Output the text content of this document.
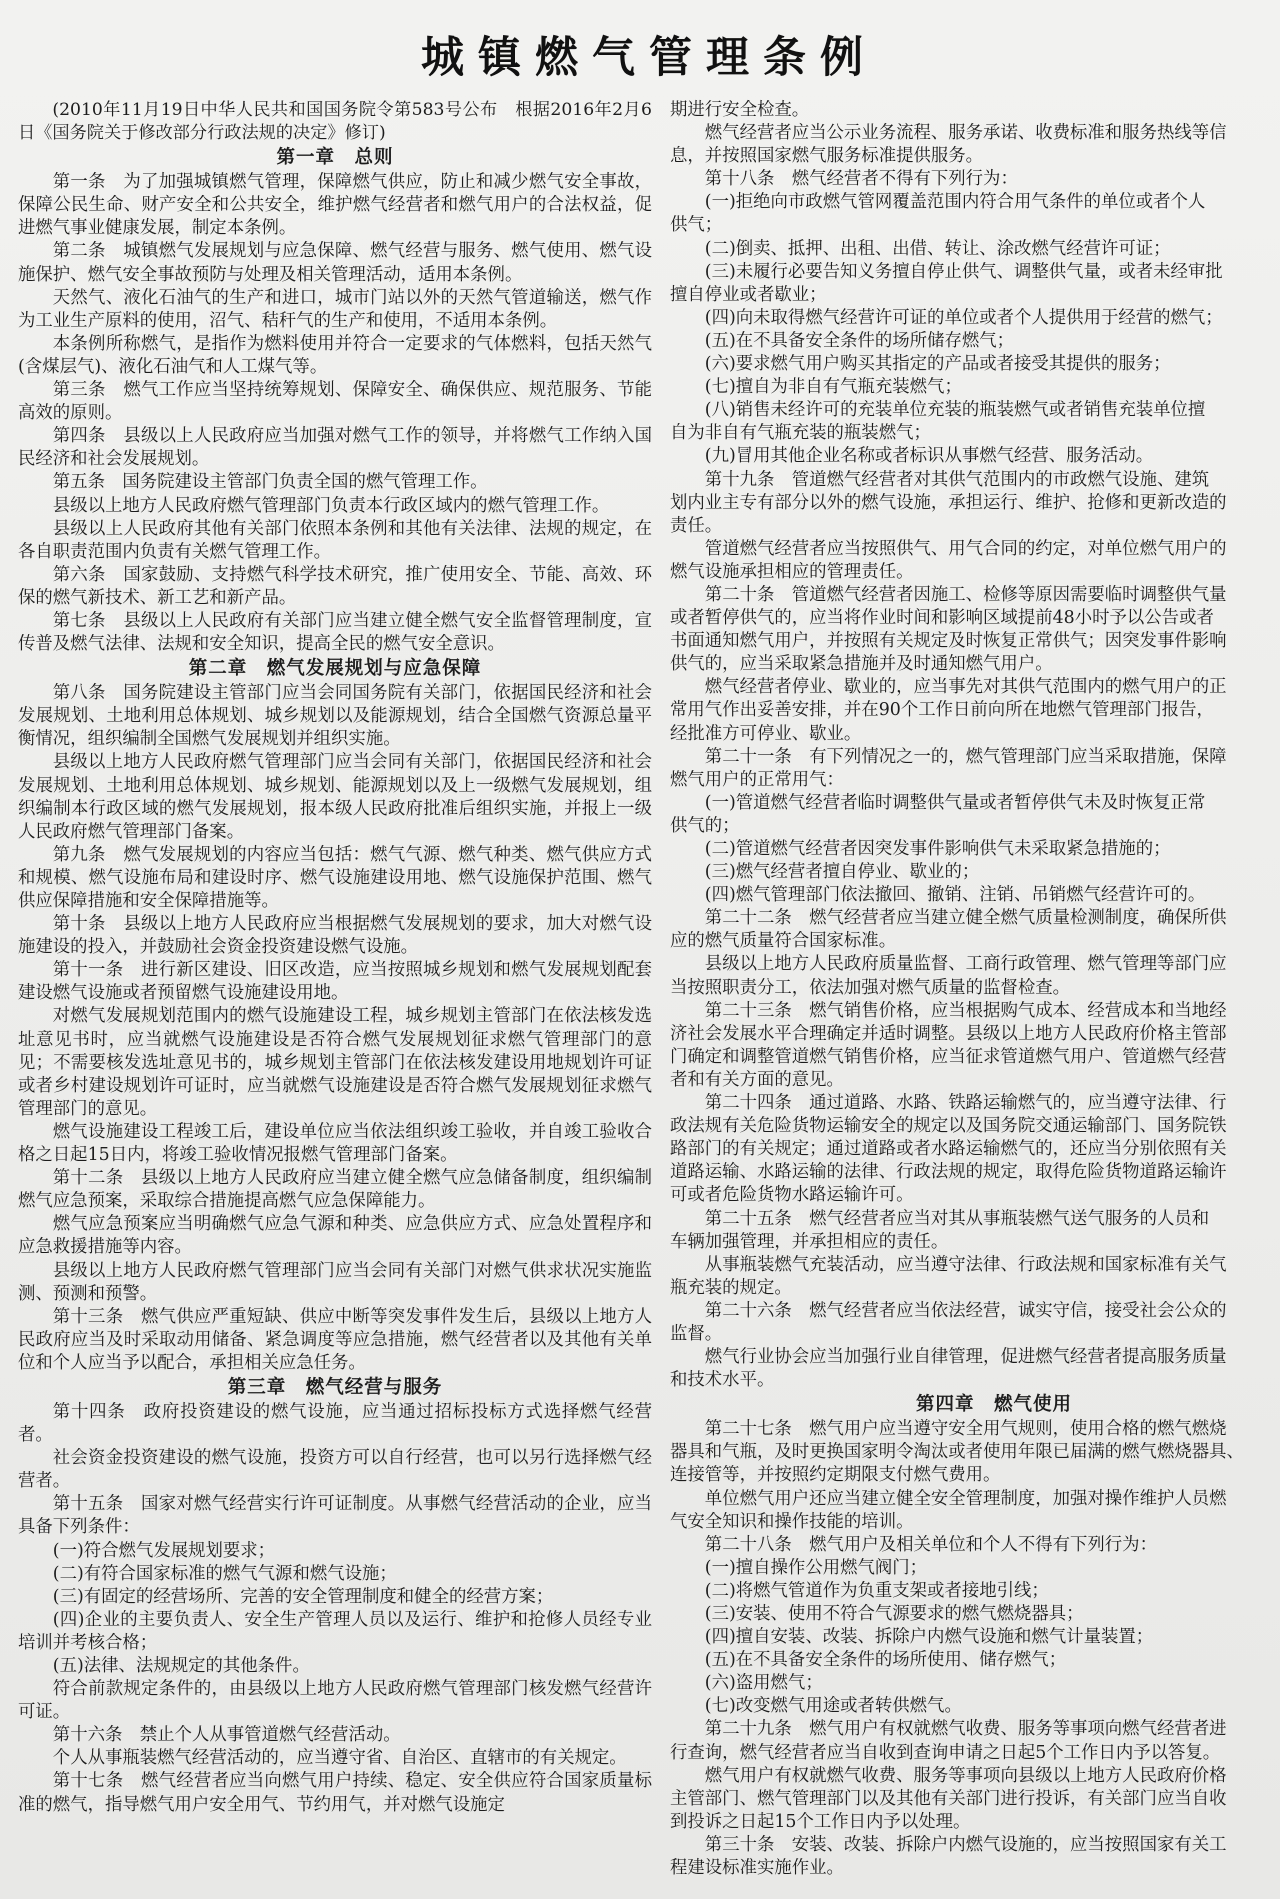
城镇燃气管理条例

(2010年11月19日中华人民共和国国务院令第583号公布　根据2016年2月6日《国务院关于修改部分行政法规的决定》修订)

第一章　总则

第一条　为了加强城镇燃气管理，保障燃气供应，防止和减少燃气安全事故，保障公民生命、财产安全和公共安全，维护燃气经营者和燃气用户的合法权益，促进燃气事业健康发展，制定本条例。

第二条　城镇燃气发展规划与应急保障、燃气经营与服务、燃气使用、燃气设施保护、燃气安全事故预防与处理及相关管理活动，适用本条例。

天然气、液化石油气的生产和进口，城市门站以外的天然气管道输送，燃气作为工业生产原料的使用，沼气、秸秆气的生产和使用，不适用本条例。

本条例所称燃气，是指作为燃料使用并符合一定要求的气体燃料，包括天然气(含煤层气)、液化石油气和人工煤气等。

第三条　燃气工作应当坚持统筹规划、保障安全、确保供应、规范服务、节能高效的原则。

第四条　县级以上人民政府应当加强对燃气工作的领导，并将燃气工作纳入国民经济和社会发展规划。

第五条　国务院建设主管部门负责全国的燃气管理工作。

县级以上地方人民政府燃气管理部门负责本行政区域内的燃气管理工作。

县级以上人民政府其他有关部门依照本条例和其他有关法律、法规的规定，在各自职责范围内负责有关燃气管理工作。

第六条　国家鼓励、支持燃气科学技术研究，推广使用安全、节能、高效、环保的燃气新技术、新工艺和新产品。

第七条　县级以上人民政府有关部门应当建立健全燃气安全监督管理制度，宣传普及燃气法律、法规和安全知识，提高全民的燃气安全意识。

第二章　燃气发展规划与应急保障

第八条　国务院建设主管部门应当会同国务院有关部门，依据国民经济和社会发展规划、土地利用总体规划、城乡规划以及能源规划，结合全国燃气资源总量平衡情况，组织编制全国燃气发展规划并组织实施。

县级以上地方人民政府燃气管理部门应当会同有关部门，依据国民经济和社会发展规划、土地利用总体规划、城乡规划、能源规划以及上一级燃气发展规划，组织编制本行政区域的燃气发展规划，报本级人民政府批准后组织实施，并报上一级人民政府燃气管理部门备案。

第九条　燃气发展规划的内容应当包括：燃气气源、燃气种类、燃气供应方式和规模、燃气设施布局和建设时序、燃气设施建设用地、燃气设施保护范围、燃气供应保障措施和安全保障措施等。

第十条　县级以上地方人民政府应当根据燃气发展规划的要求，加大对燃气设施建设的投入，并鼓励社会资金投资建设燃气设施。

第十一条　进行新区建设、旧区改造，应当按照城乡规划和燃气发展规划配套建设燃气设施或者预留燃气设施建设用地。

对燃气发展规划范围内的燃气设施建设工程，城乡规划主管部门在依法核发选址意见书时，应当就燃气设施建设是否符合燃气发展规划征求燃气管理部门的意见；不需要核发选址意见书的，城乡规划主管部门在依法核发建设用地规划许可证或者乡村建设规划许可证时，应当就燃气设施建设是否符合燃气发展规划征求燃气管理部门的意见。

燃气设施建设工程竣工后，建设单位应当依法组织竣工验收，并自竣工验收合格之日起15日内，将竣工验收情况报燃气管理部门备案。

第十二条　县级以上地方人民政府应当建立健全燃气应急储备制度，组织编制燃气应急预案，采取综合措施提高燃气应急保障能力。

燃气应急预案应当明确燃气应急气源和种类、应急供应方式、应急处置程序和应急救援措施等内容。

县级以上地方人民政府燃气管理部门应当会同有关部门对燃气供求状况实施监测、预测和预警。

第十三条　燃气供应严重短缺、供应中断等突发事件发生后，县级以上地方人民政府应当及时采取动用储备、紧急调度等应急措施，燃气经营者以及其他有关单位和个人应当予以配合，承担相关应急任务。

第三章　燃气经营与服务

第十四条　政府投资建设的燃气设施，应当通过招标投标方式选择燃气经营者。

社会资金投资建设的燃气设施，投资方可以自行经营，也可以另行选择燃气经营者。

第十五条　国家对燃气经营实行许可证制度。从事燃气经营活动的企业，应当具备下列条件：

(一)符合燃气发展规划要求；

(二)有符合国家标准的燃气气源和燃气设施；

(三)有固定的经营场所、完善的安全管理制度和健全的经营方案；

(四)企业的主要负责人、安全生产管理人员以及运行、维护和抢修人员经专业培训并考核合格；

(五)法律、法规规定的其他条件。

符合前款规定条件的，由县级以上地方人民政府燃气管理部门核发燃气经营许可证。

第十六条　禁止个人从事管道燃气经营活动。

个人从事瓶装燃气经营活动的，应当遵守省、自治区、直辖市的有关规定。

第十七条　燃气经营者应当向燃气用户持续、稳定、安全供应符合国家质量标准的燃气，指导燃气用户安全用气、节约用气，并对燃气设施定

期进行安全检查。

燃气经营者应当公示业务流程、服务承诺、收费标准和服务热线等信

息，并按照国家燃气服务标准提供服务。

第十八条　燃气经营者不得有下列行为：

(一)拒绝向市政燃气管网覆盖范围内符合用气条件的单位或者个人

供气；

(二)倒卖、抵押、出租、出借、转让、涂改燃气经营许可证；

(三)未履行必要告知义务擅自停止供气、调整供气量，或者未经审批

擅自停业或者歇业；

(四)向未取得燃气经营许可证的单位或者个人提供用于经营的燃气；

(五)在不具备安全条件的场所储存燃气；

(六)要求燃气用户购买其指定的产品或者接受其提供的服务；

(七)擅自为非自有气瓶充装燃气；

(八)销售未经许可的充装单位充装的瓶装燃气或者销售充装单位擅

自为非自有气瓶充装的瓶装燃气；

(九)冒用其他企业名称或者标识从事燃气经营、服务活动。

第十九条　管道燃气经营者对其供气范围内的市政燃气设施、建筑

划内业主专有部分以外的燃气设施，承担运行、维护、抢修和更新改造的

责任。

管道燃气经营者应当按照供气、用气合同的约定，对单位燃气用户的

燃气设施承担相应的管理责任。

第二十条　管道燃气经营者因施工、检修等原因需要临时调整供气量

或者暂停供气的，应当将作业时间和影响区域提前48小时予以公告或者

书面通知燃气用户，并按照有关规定及时恢复正常供气；因突发事件影响

供气的，应当采取紧急措施并及时通知燃气用户。

燃气经营者停业、歇业的，应当事先对其供气范围内的燃气用户的正

常用气作出妥善安排，并在90个工作日前向所在地燃气管理部门报告，

经批准方可停业、歇业。

第二十一条　有下列情况之一的，燃气管理部门应当采取措施，保障

燃气用户的正常用气：

(一)管道燃气经营者临时调整供气量或者暂停供气未及时恢复正常

供气的；

(二)管道燃气经营者因突发事件影响供气未采取紧急措施的；

(三)燃气经营者擅自停业、歇业的；

(四)燃气管理部门依法撤回、撤销、注销、吊销燃气经营许可的。

第二十二条　燃气经营者应当建立健全燃气质量检测制度，确保所供

应的燃气质量符合国家标准。

县级以上地方人民政府质量监督、工商行政管理、燃气管理等部门应

当按照职责分工，依法加强对燃气质量的监督检查。

第二十三条　燃气销售价格，应当根据购气成本、经营成本和当地经

济社会发展水平合理确定并适时调整。县级以上地方人民政府价格主管部

门确定和调整管道燃气销售价格，应当征求管道燃气用户、管道燃气经营

者和有关方面的意见。

第二十四条　通过道路、水路、铁路运输燃气的，应当遵守法律、行

政法规有关危险货物运输安全的规定以及国务院交通运输部门、国务院铁

路部门的有关规定；通过道路或者水路运输燃气的，还应当分别依照有关

道路运输、水路运输的法律、行政法规的规定，取得危险货物道路运输许

可或者危险货物水路运输许可。

第二十五条　燃气经营者应当对其从事瓶装燃气送气服务的人员和

车辆加强管理，并承担相应的责任。

从事瓶装燃气充装活动，应当遵守法律、行政法规和国家标准有关气

瓶充装的规定。

第二十六条　燃气经营者应当依法经营，诚实守信，接受社会公众的

监督。

燃气行业协会应当加强行业自律管理，促进燃气经营者提高服务质量

和技术水平。

第四章　燃气使用

第二十七条　燃气用户应当遵守安全用气规则，使用合格的燃气燃烧

器具和气瓶，及时更换国家明令淘汰或者使用年限已届满的燃气燃烧器具、

连接管等，并按照约定期限支付燃气费用。

单位燃气用户还应当建立健全安全管理制度，加强对操作维护人员燃

气安全知识和操作技能的培训。

第二十八条　燃气用户及相关单位和个人不得有下列行为：

(一)擅自操作公用燃气阀门；

(二)将燃气管道作为负重支架或者接地引线；

(三)安装、使用不符合气源要求的燃气燃烧器具；

(四)擅自安装、改装、拆除户内燃气设施和燃气计量装置；

(五)在不具备安全条件的场所使用、储存燃气；

(六)盗用燃气；

(七)改变燃气用途或者转供燃气。

第二十九条　燃气用户有权就燃气收费、服务等事项向燃气经营者进

行查询，燃气经营者应当自收到查询申请之日起5个工作日内予以答复。

燃气用户有权就燃气收费、服务等事项向县级以上地方人民政府价格

主管部门、燃气管理部门以及其他有关部门进行投诉，有关部门应当自收

到投诉之日起15个工作日内予以处理。

第三十条　安装、改装、拆除户内燃气设施的，应当按照国家有关工

程建设标准实施作业。
